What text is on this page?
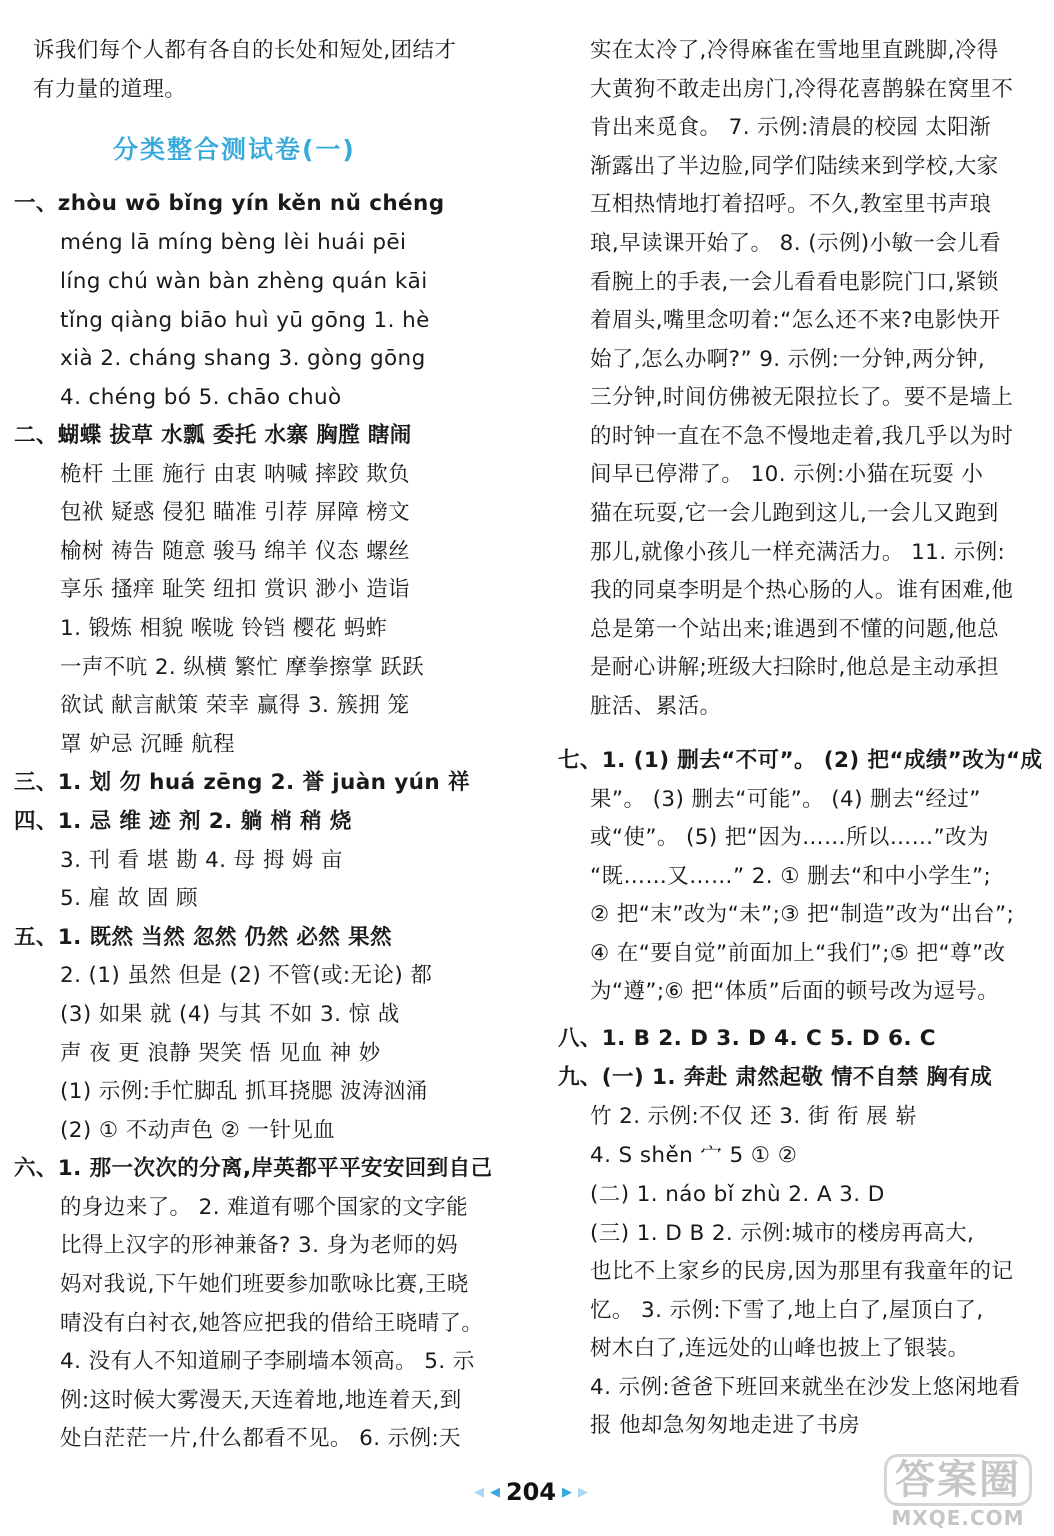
诉我们每个人都有各自的长处和短处,团结才
有力量的道理。
一、zhòu wō bǐng yín kěn nǔ chéng
méng lā míng bèng lèi huái pēi
líng chú wàn bàn zhèng quán kāi
tǐng qiàng biāo huì yū gōng 1. hè
xià 2. cháng shang 3. gòng gōng
4. chéng bó 5. chāo chuò
二、蝴蝶 拔草 水瓢 委托 水寨 胸膛 瞎闹
桅杆 土匪 施行 由衷 呐喊 摔跤 欺负
包袱 疑惑 侵犯 瞄准 引荐 屏障 榜文
榆树 祷告 随意 骏马 绵羊 仪态 螺丝
享乐 搔痒 耻笑 纽扣 赏识 渺小 造诣
1. 锻炼 相貌 喉咙 铃铛 樱花 蚂蚱
一声不吭 2. 纵横 繁忙 摩拳擦掌 跃跃
欲试 献言献策 荣幸 赢得 3. 簇拥 笼
罩 妒忌 沉睡 航程
三、1. 划 勿 huá zēng 2. 誉 juàn yún 祥
四、1. 忌 维 迹 剂 2. 躺 梢 稍 烧
3. 刊 看 堪 勘 4. 母 拇 姆 亩
5. 雇 故 固 顾
五、1. 既然 当然 忽然 仍然 必然 果然
2. (1) 虽然 但是 (2) 不管(或:无论) 都
(3) 如果 就 (4) 与其 不如 3. 惊 战
声 夜 更 浪静 哭笑 悟 见血 神 妙
(1) 示例:手忙脚乱 抓耳挠腮 波涛汹涌
(2) ① 不动声色 ② 一针见血
六、1. 那一次次的分离,岸英都平平安安回到自己
的身边来了。 2. 难道有哪个国家的文字能
比得上汉字的形神兼备? 3. 身为老师的妈
妈对我说,下午她们班要参加歌咏比赛,王晓
晴没有白衬衣,她答应把我的借给王晓晴了。
4. 没有人不知道刷子李刷墙本领高。 5. 示
例:这时候大雾漫天,天连着地,地连着天,到
处白茫茫一片,什么都看不见。 6. 示例:天
分类整合测试卷(一)
实在太冷了,冷得麻雀在雪地里直跳脚,冷得
大黄狗不敢走出房门,冷得花喜鹊躲在窝里不
肯出来觅食。 7. 示例:清晨的校园 太阳渐
渐露出了半边脸,同学们陆续来到学校,大家
互相热情地打着招呼。不久,教室里书声琅
琅,早读课开始了。 8. (示例)小敏一会儿看
看腕上的手表,一会儿看看电影院门口,紧锁
着眉头,嘴里念叨着:“怎么还不来?电影快开
始了,怎么办啊?” 9. 示例:一分钟,两分钟,
三分钟,时间仿佛被无限拉长了。要不是墙上
的时钟一直在不急不慢地走着,我几乎以为时
间早已停滞了。 10. 示例:小猫在玩耍 小
猫在玩耍,它一会儿跑到这儿,一会儿又跑到
那儿,就像小孩儿一样充满活力。 11. 示例:
我的同桌李明是个热心肠的人。谁有困难,他
总是第一个站出来;谁遇到不懂的问题,他总
是耐心讲解;班级大扫除时,他总是主动承担
脏活、累活。
七、1. (1) 删去“不可”。 (2) 把“成绩”改为“成
果”。 (3) 删去“可能”。 (4) 删去“经过”
或“使”。 (5) 把“因为……所以……”改为
“既……又……” 2. ① 删去“和中小学生”;
② 把“末”改为“未”;③ 把“制造”改为“出台”;
④ 在“要自觉”前面加上“我们”;⑤ 把“尊”改
为“遵”;⑥ 把“体质”后面的顿号改为逗号。
八、1. B 2. D 3. D 4. C 5. D 6. C
九、(一) 1. 奔赴 肃然起敬 情不自禁 胸有成
竹 2. 示例:不仅 还 3. 街 衔 展 崭
4. S shěn 宀 5 ① ②
(二) 1. náo bǐ zhù 2. A 3. D
(三) 1. D B 2. 示例:城市的楼房再高大,
也比不上家乡的民房,因为那里有我童年的记
忆。 3. 示例:下雪了,地上白了,屋顶白了,
树木白了,连远处的山峰也披上了银装。
4. 示例:爸爸下班回来就坐在沙发上悠闲地看
报 他却急匆匆地走进了书房
◀ ◀ 204 ▶ ▶	答案圈
MXQE.COM
